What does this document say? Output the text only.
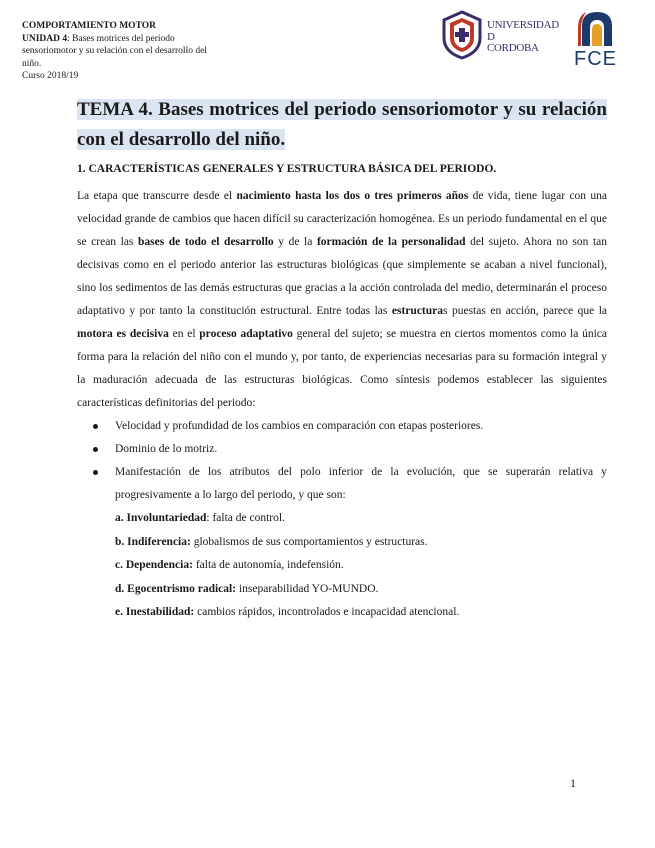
COMPORTAMIENTO MOTOR
UNIDAD 4: Bases motrices del periodo sensoriomotor y su relación con el desarrollo del niño.
Curso 2018/19
UNIVERSIDAD
D
CORDOBA	FCE
TEMA 4. Bases motrices del periodo sensoriomotor y su relación con el desarrollo del niño.
1. CARACTERÍSTICAS GENERALES Y ESTRUCTURA BÁSICA DEL PERIODO.

La etapa que transcurre desde el nacimiento hasta los dos o tres primeros años de vida, tiene lugar con una velocidad grande de cambios que hacen difícil su caracterización homogénea. Es un periodo fundamental en el que se crean las bases de todo el desarrollo y de la formación de la personalidad del sujeto. Ahora no son tan decisivas como en el periodo anterior las estructuras biológicas (que simplemente se acaban a nivel funcional), sino los sedimentos de las demás estructuras que gracias a la acción controlada del medio, determinarán el proceso adaptativo y por tanto la constitución estructural. Entre todas las estructuras puestas en acción, parece que la motora es decisiva en el proceso adaptativo general del sujeto; se muestra en ciertos momentos como la única forma para la relación del niño con el mundo y, por tanto, de experiencias necesarias para su formación integral y la maduración adecuada de las estructuras biológicas. Como síntesis podemos establecer las siguientes características definitorias del periodo:

Velocidad y profundidad de los cambios en comparación con etapas posteriores.
Dominio de lo motriz.
Manifestación de los atributos del polo inferior de la evolución, que se superarán relativa y progresivamente a lo largo del periodo, y que son:
a. Involuntariedad: falta de control.
b. Indiferencia: globalismos de sus comportamientos y estructuras.
c. Dependencia: falta de autonomía, indefensión.
d. Egocentrismo radical: inseparabilidad YO-MUNDO.
e. Inestabilidad: cambios rápidos, incontrolados e incapacidad atencional.
1
